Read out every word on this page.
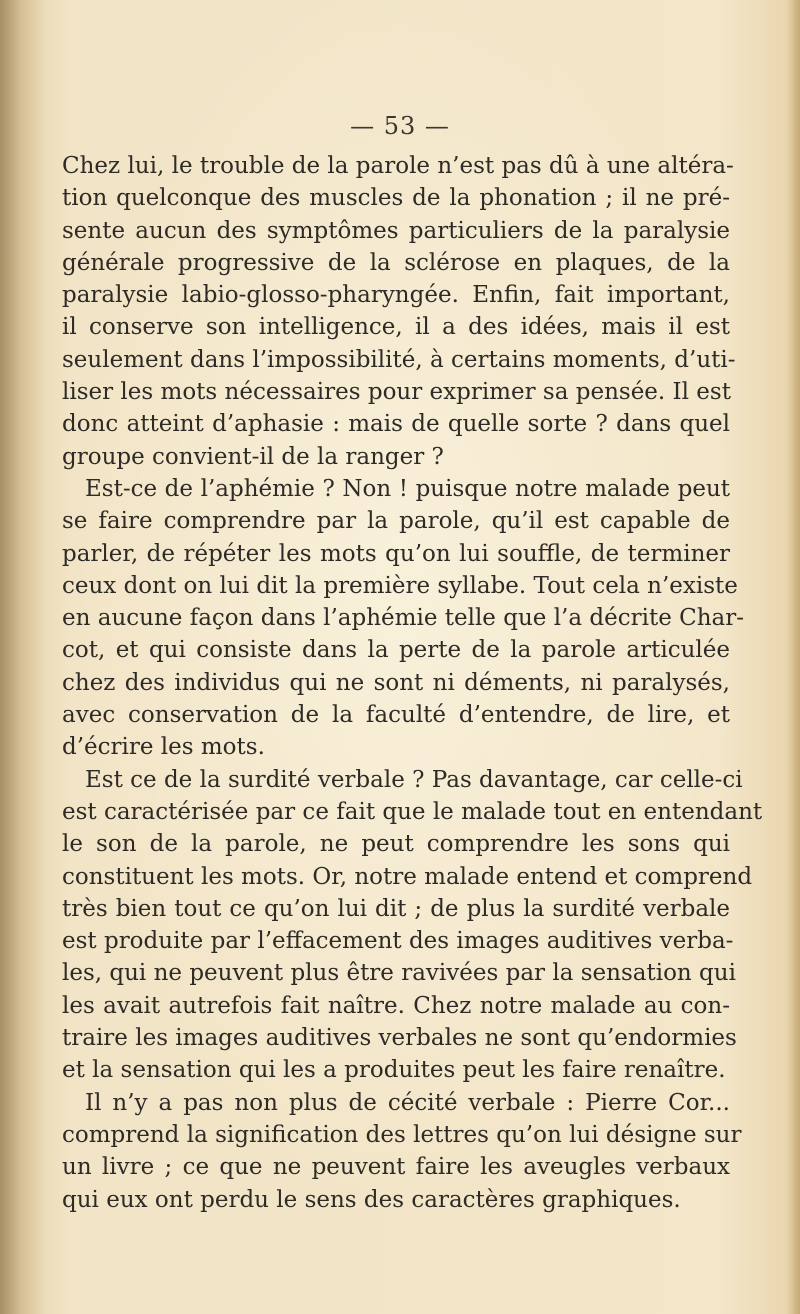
— 53 —
Chez lui, le trouble de la parole n’est pas dû à une altéra-
tion quelconque des muscles de la phonation ; il ne pré-
sente aucun des symptômes particuliers de la paralysie
générale progressive de la sclérose en plaques, de la
paralysie labio-glosso-pharyngée. Enfin, fait important,
il conserve son intelligence, il a des idées, mais il est
seulement dans l’impossibilité, à certains moments, d’uti-
liser les mots nécessaires pour exprimer sa pensée. Il est
donc atteint d’aphasie : mais de quelle sorte ? dans quel
groupe convient-il de la ranger ?
Est-ce de l’aphémie ? Non ! puisque notre malade peut
se faire comprendre par la parole, qu’il est capable de
parler, de répéter les mots qu’on lui souffle, de terminer
ceux dont on lui dit la première syllabe. Tout cela n’existe
en aucune façon dans l’aphémie telle que l’a décrite Char-
cot, et qui consiste dans la perte de la parole articulée
chez des individus qui ne sont ni déments, ni paralysés,
avec conservation de la faculté d’entendre, de lire, et
d’écrire les mots.
Est ce de la surdité verbale ? Pas davantage, car celle-ci
est caractérisée par ce fait que le malade tout en entendant
le son de la parole, ne peut comprendre les sons qui
constituent les mots. Or, notre malade entend et comprend
très bien tout ce qu’on lui dit ; de plus la surdité verbale
est produite par l’effacement des images auditives verba-
les, qui ne peuvent plus être ravivées par la sensation qui
les avait autrefois fait naître. Chez notre malade au con-
traire les images auditives verbales ne sont qu’endormies
et la sensation qui les a produites peut les faire renaître.
Il n’y a pas non plus de cécité verbale : Pierre Cor...
comprend la signification des lettres qu’on lui désigne sur
un livre ; ce que ne peuvent faire les aveugles verbaux
qui eux ont perdu le sens des caractères graphiques.
